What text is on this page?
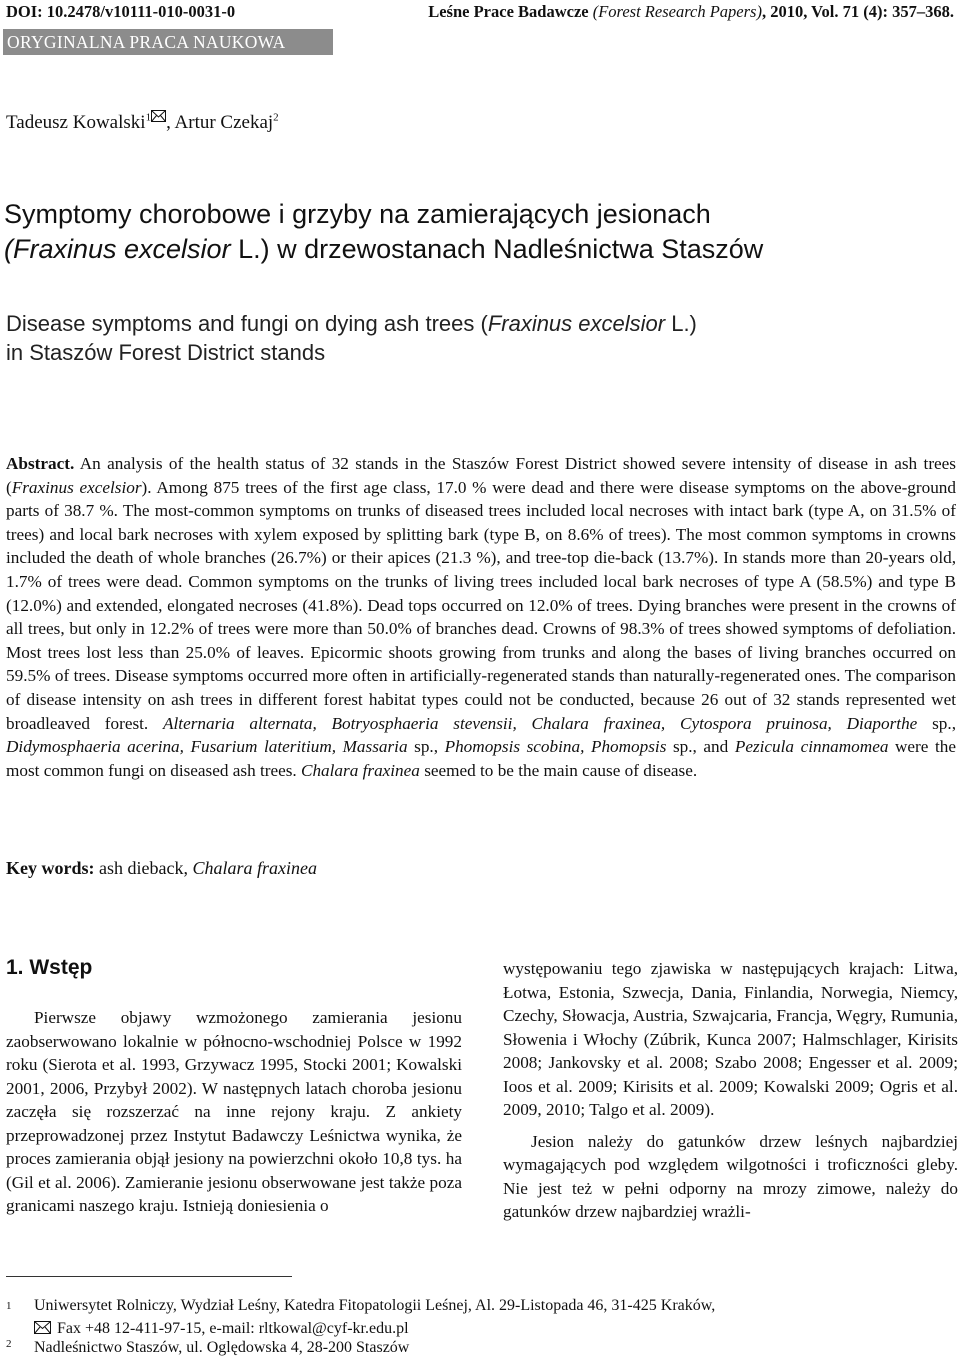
DOI: 10.2478/v10111-010-0031-0	Leśne Prace Badawcze (Forest Research Papers), 2010, Vol. 71 (4): 357–368.
ORYGINALNA PRACA NAUKOWA
Tadeusz Kowalski$^1$ , Artur Czekaj$^2$
Symptomy chorobowe i grzyby na zamierających jesionach
(Fraxinus excelsior L.) w drzewostanach Nadleśnictwa Staszów
Disease symptoms and fungi on dying ash trees (Fraxinus excelsior L.)
in Staszów Forest District stands
Abstract. An analysis of the health status of 32 stands in the Staszów Forest District showed severe intensity of disease in ash trees (Fraxinus excelsior). Among 875 trees of the first age class, 17.0 % were dead and there were disease symptoms on the above-ground parts of 38.7 %. The most-common symptoms on trunks of diseased trees included local necroses with intact bark (type A, on 31.5% of trees) and local bark necroses with xylem exposed by splitting bark (type B, on 8.6% of trees). The most common symptoms in crowns included the death of whole branches (26.7%) or their apices (21.3 %), and tree-top die-back (13.7%). In stands more than 20-years old, 1.7% of trees were dead. Common symptoms on the trunks of living trees included local bark necroses of type A (58.5%) and type B (12.0%) and extended, elongated necroses (41.8%). Dead tops occurred on 12.0% of trees. Dying branches were present in the crowns of all trees, but only in 12.2% of trees were more than 50.0% of branches dead. Crowns of 98.3% of trees showed symptoms of defoliation. Most trees lost less than 25.0% of leaves. Epicormic shoots growing from trunks and along the bases of living branches occurred on 59.5% of trees. Disease symptoms occurred more often in artificially-regenerated stands than naturally-regenerated ones. The comparison of disease intensity on ash trees in different forest habitat types could not be conducted, because 26 out of 32 stands represented wet broadleaved forest. Alternaria alternata, Botryosphaeria stevensii, Chalara fraxinea, Cytospora pruinosa, Diaporthe sp., Didymosphaeria acerina, Fusarium lateritium, Massaria sp., Phomopsis scobina, Phomopsis sp., and Pezicula cinnamomea were the most common fungi on diseased ash trees. Chalara fraxinea seemed to be the main cause of disease.
Key words: ash dieback, Chalara fraxinea
1. Wstęp

Pierwsze objawy wzmożonego zamierania jesionu zaobserwowano lokalnie w północno-wschodniej Polsce w 1992 roku (Sierota et al. 1993, Grzywacz 1995, Stocki 2001; Kowalski 2001, 2006, Przybył 2002). W następnych latach choroba jesionu zaczęła się rozszerzać na inne rejony kraju. Z ankiety przeprowadzonej przez Instytut Badawczy Leśnictwa wynika, że proces zamierania objął jesiony na powierzchni około 10,8 tys. ha (Gil et al. 2006). Zamieranie jesionu obserwowane jest także poza granicami naszego kraju. Istnieją doniesienia o

występowaniu tego zjawiska w następujących krajach: Litwa, Łotwa, Estonia, Szwecja, Dania, Finlandia, Norwegia, Niemcy, Czechy, Słowacja, Austria, Szwajcaria, Francja, Węgry, Rumunia, Słowenia i Włochy (Zúbrik, Kunca 2007; Halmschlager, Kirisits 2008; Jankovsky et al. 2008; Szabo 2008; Engesser et al. 2009; Ioos et al. 2009; Kirisits et al. 2009; Kowalski 2009; Ogris et al. 2009, 2010; Talgo et al. 2009).

Jesion należy do gatunków drzew leśnych najbardziej wymagających pod względem wilgotności i troficzności gleby. Nie jest też w pełni odporny na mrozy zimowe, należy do gatunków drzew najbardziej wrażli-

$^1$ Uniwersytet Rolniczy, Wydział Leśny, Katedra Fitopatologii Leśnej, Al. 29-Listopada 46, 31-425 Kraków,
Fax +48 12-411-97-15, e-mail: rltkowal@cyf-kr.edu.pl
$^2$ Nadleśnictwo Staszów, ul. Oględowska 4, 28-200 Staszów
